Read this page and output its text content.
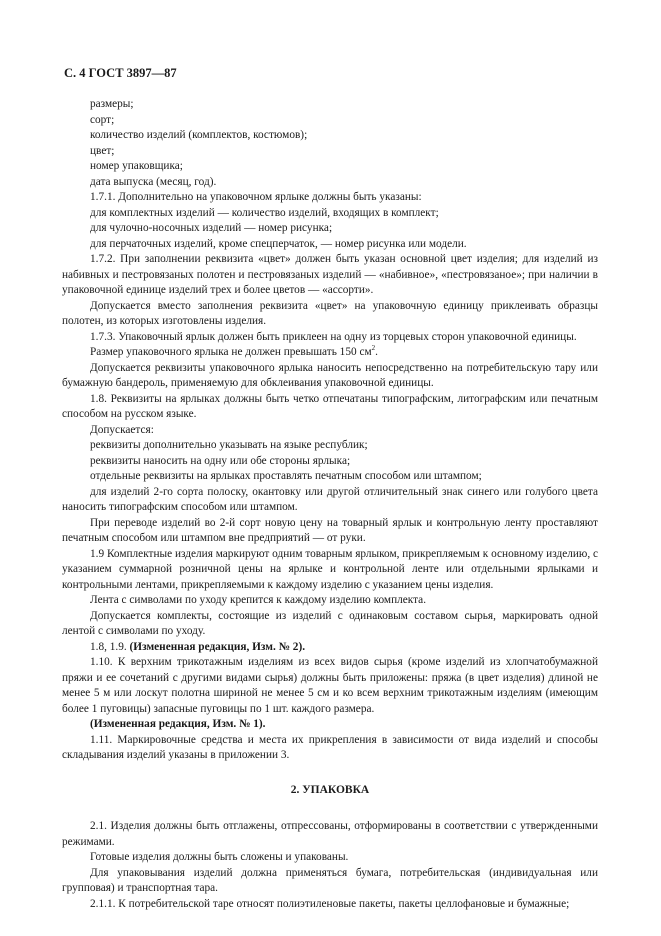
С. 4 ГОСТ 3897—87

размеры;

сорт;

количество изделий (комплектов, костюмов);

цвет;

номер упаковщика;

дата выпуска (месяц, год).

1.7.1. Дополнительно на упаковочном ярлыке должны быть указаны:

для комплектных изделий — количество изделий, входящих в комплект;

для чулочно-носочных изделий — номер рисунка;

для перчаточных изделий, кроме спецперчаток, — номер рисунка или модели.

1.7.2. При заполнении реквизита «цвет» должен быть указан основной цвет изделия; для изделий из набивных и пестровязаных полотен и пестровязаных изделий — «набивное», «пестровязаное»; при наличии в упаковочной единице изделий трех и более цветов — «ассорти».

Допускается вместо заполнения реквизита «цвет» на упаковочную единицу приклеивать образцы полотен, из которых изготовлены изделия.

1.7.3. Упаковочный ярлык должен быть приклеен на одну из торцевых сторон упаковочной единицы.

Размер упаковочного ярлыка не должен превышать 150 $см^2$.

Допускается реквизиты упаковочного ярлыка наносить непосредственно на потребительскую тару или бумажную бандероль, применяемую для обклеивания упаковочной единицы.

1.8. Реквизиты на ярлыках должны быть четко отпечатаны типографским, литографским или печатным способом на русском языке.

Допускается:

реквизиты дополнительно указывать на языке республик;

реквизиты наносить на одну или обе стороны ярлыка;

отдельные реквизиты на ярлыках проставлять печатным способом или штампом;

для изделий 2-го сорта полоску, окантовку или другой отличительный знак синего или голубого цвета наносить типографским способом или штампом.

При переводе изделий во 2-й сорт новую цену на товарный ярлык и контрольную ленту проставляют печатным способом или штампом вне предприятий — от руки.

1.9 Комплектные изделия маркируют одним товарным ярлыком, прикрепляемым к основному изделию, с указанием суммарной розничной цены на ярлыке и контрольной ленте или отдельными ярлыками и контрольными лентами, прикрепляемыми к каждому изделию с указанием цены изделия.

Лента с символами по уходу крепится к каждому изделию комплекта.

Допускается комплекты, состоящие из изделий с одинаковым составом сырья, маркировать одной лентой с символами по уходу.

1.8, 1.9. (Измененная редакция, Изм. № 2).

1.10. К верхним трикотажным изделиям из всех видов сырья (кроме изделий из хлопчатобумажной пряжи и ее сочетаний с другими видами сырья) должны быть приложены: пряжа (в цвет изделия) длиной не менее 5 м или лоскут полотна шириной не менее 5 см и ко всем верхним трикотажным изделиям (имеющим более 1 пуговицы) запасные пуговицы по 1 шт. каждого размера.

(Измененная редакция, Изм. № 1).

1.11. Маркировочные средства и места их прикрепления в зависимости от вида изделий и способы складывания изделий указаны в приложении 3.

2. УПАКОВКА

2.1. Изделия должны быть отглажены, отпрессованы, отформированы в соответствии с утвержденными режимами.

Готовые изделия должны быть сложены и упакованы.

Для упаковывания изделий должна применяться бумага, потребительская (индивидуальная или групповая) и транспортная тара.

2.1.1. К потребительской таре относят полиэтиленовые пакеты, пакеты целлофановые и бумажные;
